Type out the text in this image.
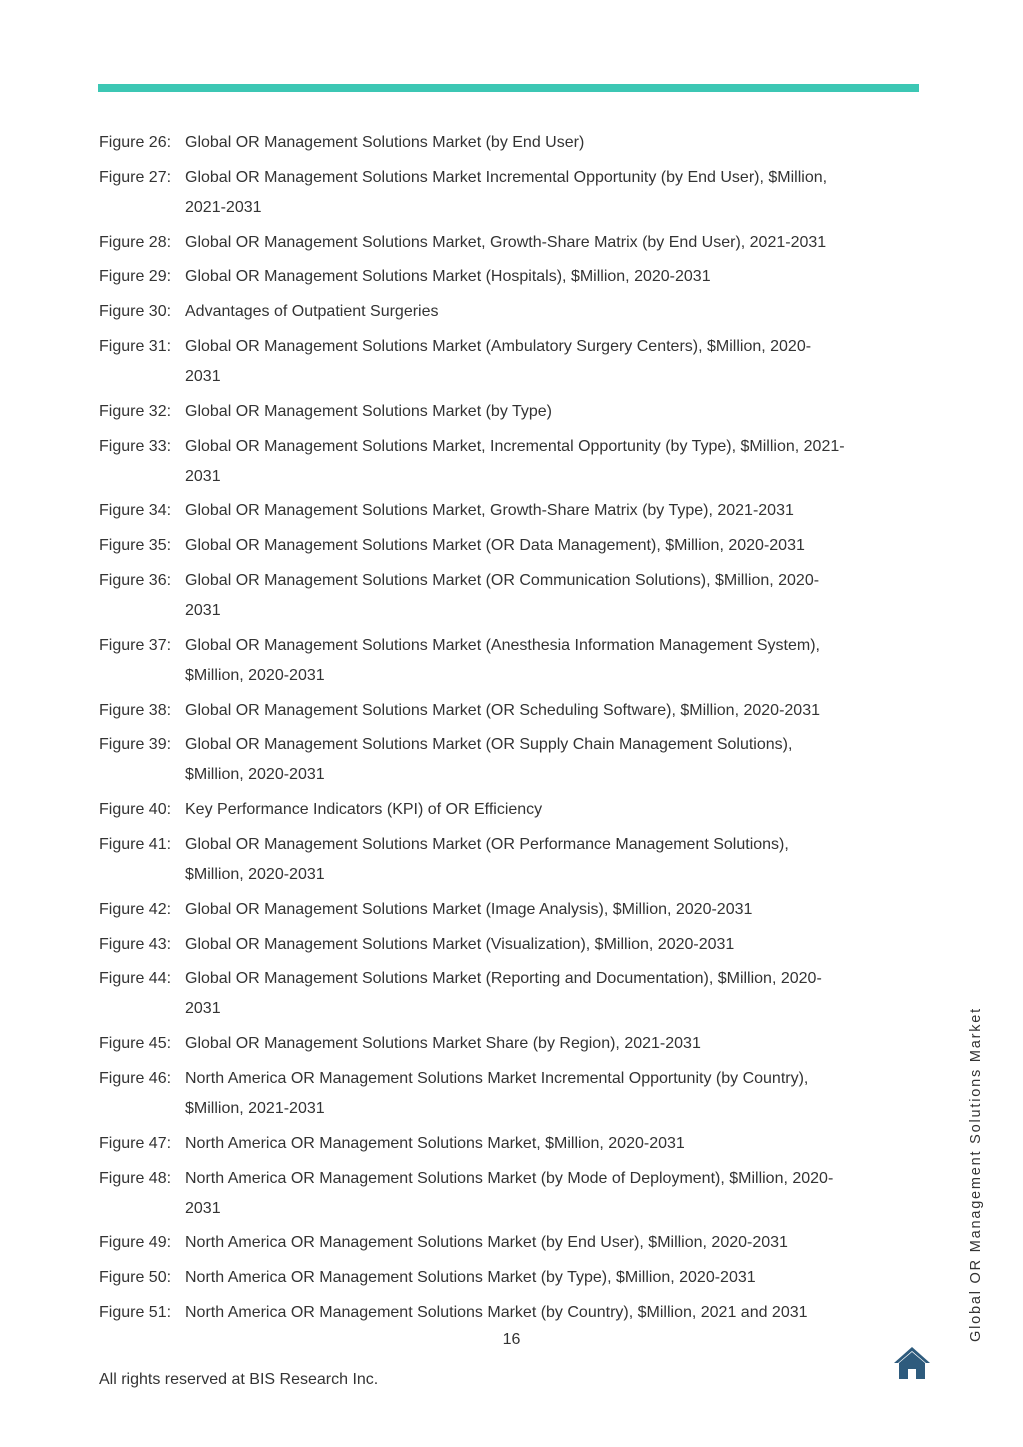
Figure 26: Global OR Management Solutions Market (by End User)
Figure 27: Global OR Management Solutions Market Incremental Opportunity (by End User), $Million,
2021-2031
Figure 28: Global OR Management Solutions Market, Growth-Share Matrix (by End User), 2021-2031
Figure 29: Global OR Management Solutions Market (Hospitals), $Million, 2020-2031
Figure 30: Advantages of Outpatient Surgeries
Figure 31: Global OR Management Solutions Market (Ambulatory Surgery Centers), $Million, 2020-
2031
Figure 32: Global OR Management Solutions Market (by Type)
Figure 33: Global OR Management Solutions Market, Incremental Opportunity (by Type), $Million, 2021-
2031
Figure 34: Global OR Management Solutions Market, Growth-Share Matrix (by Type), 2021-2031
Figure 35: Global OR Management Solutions Market (OR Data Management), $Million, 2020-2031
Figure 36: Global OR Management Solutions Market (OR Communication Solutions), $Million, 2020-
2031
Figure 37: Global OR Management Solutions Market (Anesthesia Information Management System),
$Million, 2020-2031
Figure 38: Global OR Management Solutions Market (OR Scheduling Software), $Million, 2020-2031
Figure 39: Global OR Management Solutions Market (OR Supply Chain Management Solutions),
$Million, 2020-2031
Figure 40: Key Performance Indicators (KPI) of OR Efficiency
Figure 41: Global OR Management Solutions Market (OR Performance Management Solutions),
$Million, 2020-2031
Figure 42: Global OR Management Solutions Market (Image Analysis), $Million, 2020-2031
Figure 43: Global OR Management Solutions Market (Visualization), $Million, 2020-2031
Figure 44: Global OR Management Solutions Market (Reporting and Documentation), $Million, 2020-
2031
Figure 45: Global OR Management Solutions Market Share (by Region), 2021-2031
Figure 46: North America OR Management Solutions Market Incremental Opportunity (by Country),
$Million, 2021-2031
Figure 47: North America OR Management Solutions Market, $Million, 2020-2031
Figure 48: North America OR Management Solutions Market (by Mode of Deployment), $Million, 2020-
2031
Figure 49: North America OR Management Solutions Market (by End User), $Million, 2020-2031
Figure 50: North America OR Management Solutions Market (by Type), $Million, 2020-2031
Figure 51: North America OR Management Solutions Market (by Country), $Million, 2021 and 2031
16
All rights reserved at BIS Research Inc.
Global OR Management Solutions Market
